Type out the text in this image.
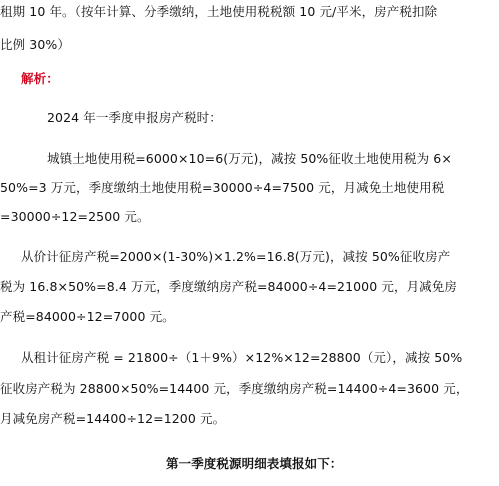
租期 10 年。（按年计算、分季缴纳，土地使用税税额 10 元/平米，房产税扣除
比例 30%）
解析：
2024 年一季度申报房产税时：
城镇土地使用税=6000×10=6(万元)，减按 50%征收土地使用税为 6×
50%=3 万元，季度缴纳土地使用税=30000÷4=7500 元，月减免土地使用税
=30000÷12=2500 元。
从价计征房产税=2000×(1-30%)×1.2%=16.8(万元)，减按 50%征收房产
税为 16.8×50%=8.4 万元，季度缴纳房产税=84000÷4=21000 元，月减免房
产税=84000÷12=7000 元。
从租计征房产税 = 21800÷（1＋9%）×12%×12=28800（元），减按 50%
征收房产税为 28800×50%=14400 元，季度缴纳房产税=14400÷4=3600 元，
月减免房产税=14400÷12=1200 元。
第一季度税源明细表填报如下：
